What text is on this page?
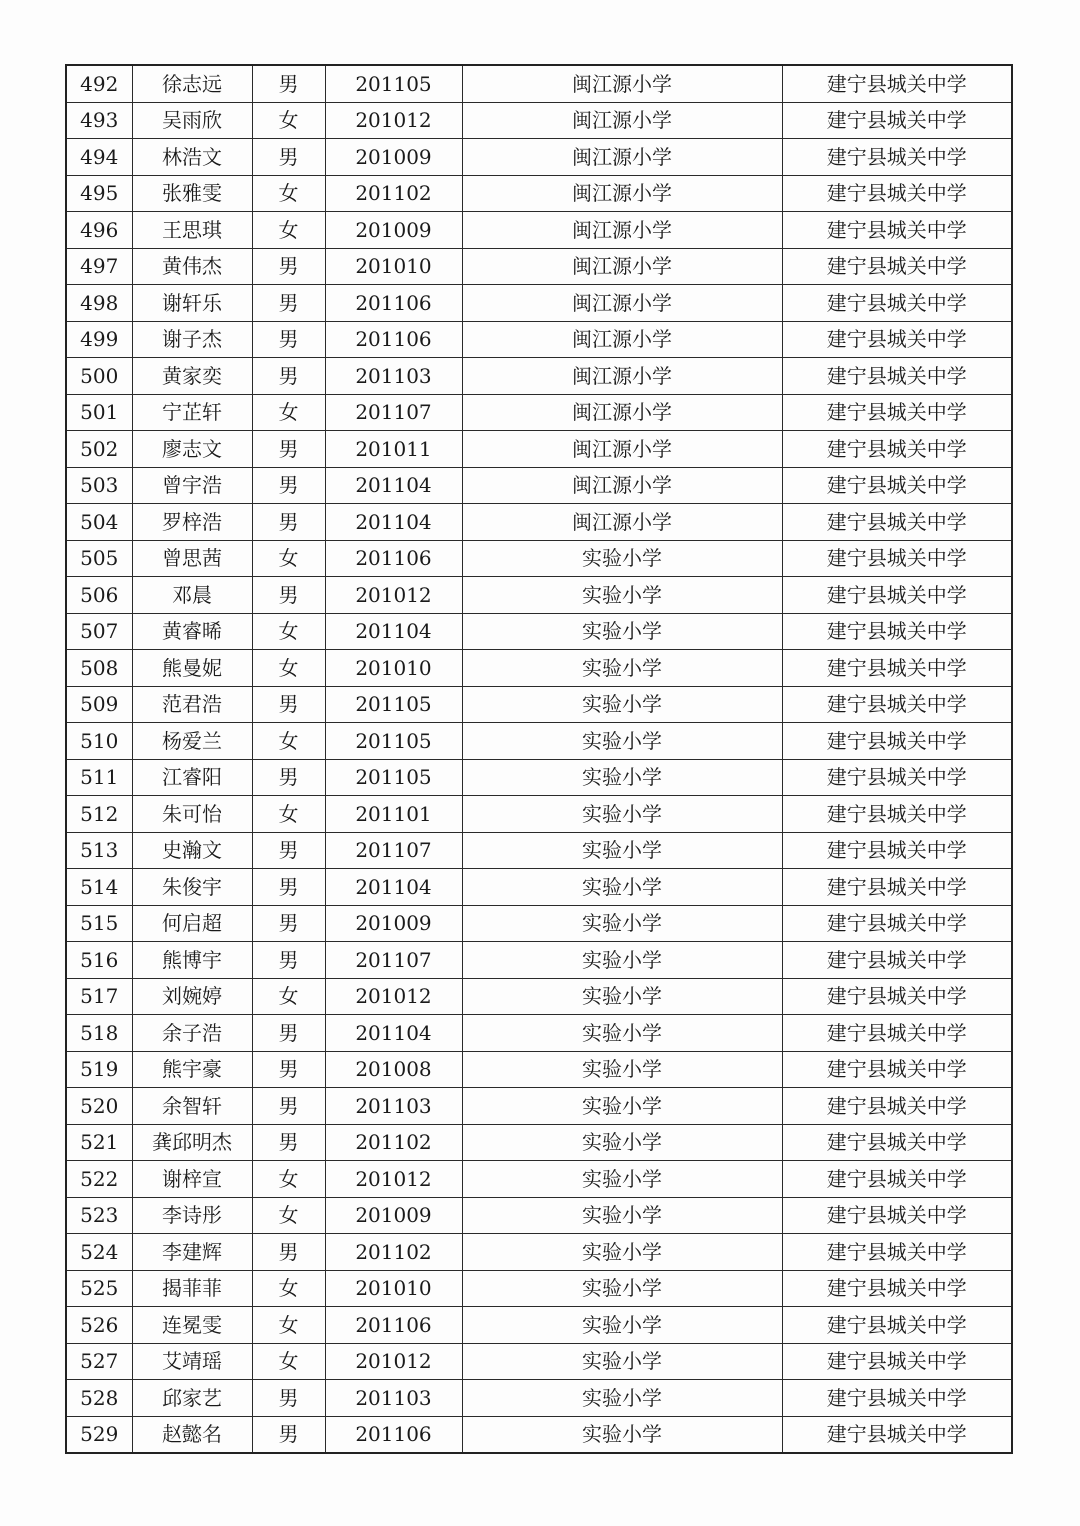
492	徐志远	男	201105	闽江源小学	建宁县城关中学
493	吴雨欣	女	201012	闽江源小学	建宁县城关中学
494	林浩文	男	201009	闽江源小学	建宁县城关中学
495	张雅雯	女	201102	闽江源小学	建宁县城关中学
496	王思琪	女	201009	闽江源小学	建宁县城关中学
497	黄伟杰	男	201010	闽江源小学	建宁县城关中学
498	谢轩乐	男	201106	闽江源小学	建宁县城关中学
499	谢子杰	男	201106	闽江源小学	建宁县城关中学
500	黄家奕	男	201103	闽江源小学	建宁县城关中学
501	宁芷轩	女	201107	闽江源小学	建宁县城关中学
502	廖志文	男	201011	闽江源小学	建宁县城关中学
503	曾宇浩	男	201104	闽江源小学	建宁县城关中学
504	罗梓浩	男	201104	闽江源小学	建宁县城关中学
505	曾思茜	女	201106	实验小学	建宁县城关中学
506	邓晨	男	201012	实验小学	建宁县城关中学
507	黄睿晞	女	201104	实验小学	建宁县城关中学
508	熊曼妮	女	201010	实验小学	建宁县城关中学
509	范君浩	男	201105	实验小学	建宁县城关中学
510	杨爱兰	女	201105	实验小学	建宁县城关中学
511	江睿阳	男	201105	实验小学	建宁县城关中学
512	朱可怡	女	201101	实验小学	建宁县城关中学
513	史瀚文	男	201107	实验小学	建宁县城关中学
514	朱俊宇	男	201104	实验小学	建宁县城关中学
515	何启超	男	201009	实验小学	建宁县城关中学
516	熊博宇	男	201107	实验小学	建宁县城关中学
517	刘婉婷	女	201012	实验小学	建宁县城关中学
518	余子浩	男	201104	实验小学	建宁县城关中学
519	熊宇豪	男	201008	实验小学	建宁县城关中学
520	余智轩	男	201103	实验小学	建宁县城关中学
521	龚邱明杰	男	201102	实验小学	建宁县城关中学
522	谢梓宣	女	201012	实验小学	建宁县城关中学
523	李诗彤	女	201009	实验小学	建宁县城关中学
524	李建辉	男	201102	实验小学	建宁县城关中学
525	揭菲菲	女	201010	实验小学	建宁县城关中学
526	连冕雯	女	201106	实验小学	建宁县城关中学
527	艾靖瑶	女	201012	实验小学	建宁县城关中学
528	邱家艺	男	201103	实验小学	建宁县城关中学
529	赵懿名	男	201106	实验小学	建宁县城关中学
